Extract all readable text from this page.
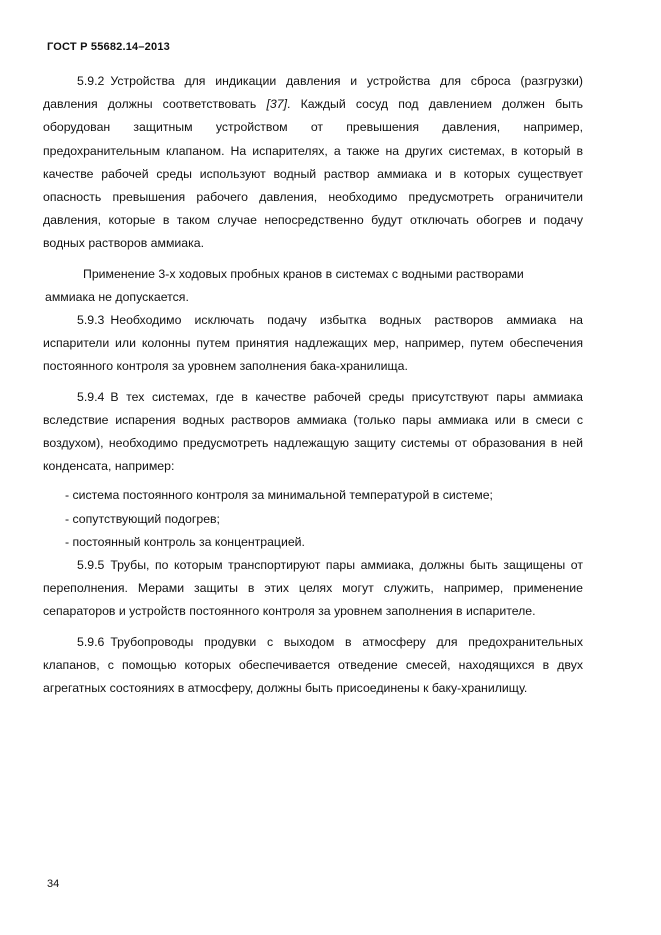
ГОСТ Р 55682.14–2013

5.9.2 Устройства для индикации давления и устройства для сброса (разгрузки) давления должны соответствовать [37]. Каждый сосуд под давлением должен быть оборудован защитным устройством от превышения давления, например, предохранительным клапаном. На испарителях, а также на других системах, в который в качестве рабочей среды используют водный раствор аммиака и в которых существует опасность превышения рабочего давления, необходимо предусмотреть ограничители давления, которые в таком случае непосредственно будут отключать обогрев и подачу водных растворов аммиака.

Применение 3-х ходовых пробных кранов в системах с водными растворами

аммиака не допускается.

5.9.3 Необходимо исключать подачу избытка водных растворов аммиака на испарители или колонны путем принятия надлежащих мер, например, путем обеспечения постоянного контроля за уровнем заполнения бака-хранилища.

5.9.4 В тех системах, где в качестве рабочей среды присутствуют пары аммиака вследствие испарения водных растворов аммиака (только пары аммиака или в смеси с воздухом), необходимо предусмотреть надлежащую защиту системы от образования в ней конденсата, например:

- система постоянного контроля за минимальной температурой в системе;

- сопутствующий подогрев;

- постоянный контроль за концентрацией.

5.9.5 Трубы, по которым транспортируют пары аммиака, должны быть защищены от переполнения. Мерами защиты в этих целях могут служить, например, применение сепараторов и устройств постоянного контроля за уровнем заполнения в испарителе.

5.9.6 Трубопроводы продувки с выходом в атмосферу для предохранительных клапанов, с помощью которых обеспечивается отведение смесей, находящихся в двух агрегатных состояниях в атмосферу, должны быть присоединены к баку-хранилищу.

34
